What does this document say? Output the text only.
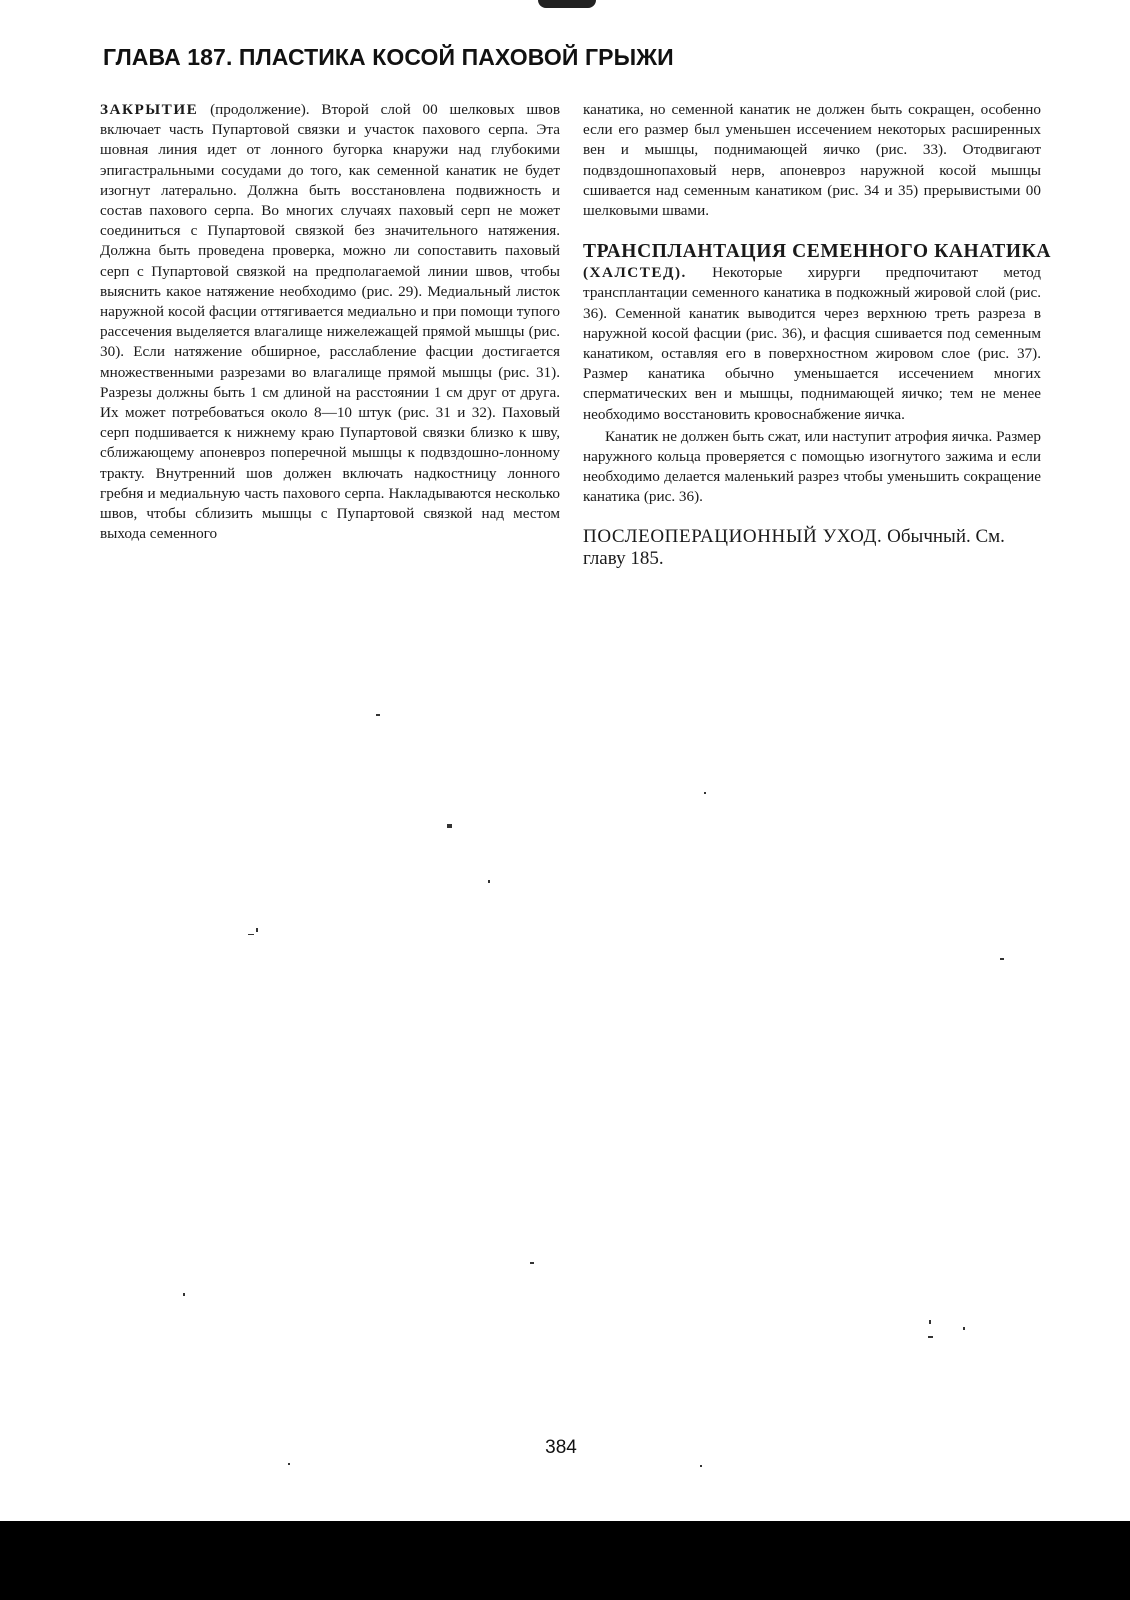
ГЛАВА 187. ПЛАСТИКА КОСОЙ ПАХОВОЙ ГРЫЖИ

ЗАКРЫТИЕ (продолжение). Второй слой 00 шелковых швов включает часть Пупартовой связки и участок пахового серпа. Эта шовная линия идет от лонного бугорка кнаружи над глубокими эпигастральными сосудами до того, как семенной канатик не будет изогнут латерально. Должна быть восстановлена подвижность и состав пахового серпа. Во многих случаях паховый серп не может соединиться с Пупартовой связкой без значительного натяжения. Должна быть проведена проверка, можно ли сопоставить паховый серп с Пупартовой связкой на предполагаемой линии швов, чтобы выяснить какое натяжение необходимо (рис. 29). Медиальный листок наружной косой фасции оттягивается медиально и при помощи тупого рассечения выделяется влагалище нижележащей прямой мышцы (рис. 30). Если натяжение обширное, расслабление фасции достигается множественными разрезами во влагалище прямой мышцы (рис. 31). Разрезы должны быть 1 см длиной на расстоянии 1 см друг от друга. Их может потребоваться около 8—10 штук (рис. 31 и 32). Паховый серп подшивается к нижнему краю Пупартовой связки близко к шву, сближающему апоневроз поперечной мышцы к подвздошно-лонному тракту. Внутренний шов должен включать надкостницу лонного гребня и медиальную часть пахового серпа. Накладываются несколько швов, чтобы сблизить мышцы с Пупартовой связкой над местом выхода семенного

канатика, но семенной канатик не должен быть сокращен, особенно если его размер был уменьшен иссечением некоторых расширенных вен и мышцы, поднимающей яичко (рис. 33). Отодвигают подвздошнопаховый нерв, апоневроз наружной косой мышцы сшивается над семенным канатиком (рис. 34 и 35) прерывистыми 00 шелковыми швами.

ТРАНСПЛАНТАЦИЯ СЕМЕННОГО КАНАТИКА

(ХАЛСТЕД). Некоторые хирурги предпочитают метод трансплантации семенного канатика в подкожный жировой слой (рис. 36). Семенной канатик выводится через верхнюю треть разреза в наружной косой фасции (рис. 36), и фасция сшивается под семенным канатиком, оставляя его в поверхностном жировом слое (рис. 37). Размер канатика обычно уменьшается иссечением многих сперматических вен и мышцы, поднимающей яичко; тем не менее необходимо восстановить кровоснабжение яичка.

Канатик не должен быть сжат, или наступит атрофия яичка. Размер наружного кольца проверяется с помощью изогнутого зажима и если необходимо делается маленький разрез чтобы уменьшить сокращение канатика (рис. 36).

ПОСЛЕОПЕРАЦИОННЫЙ УХОД. Обычный. См. главу 185.

384
